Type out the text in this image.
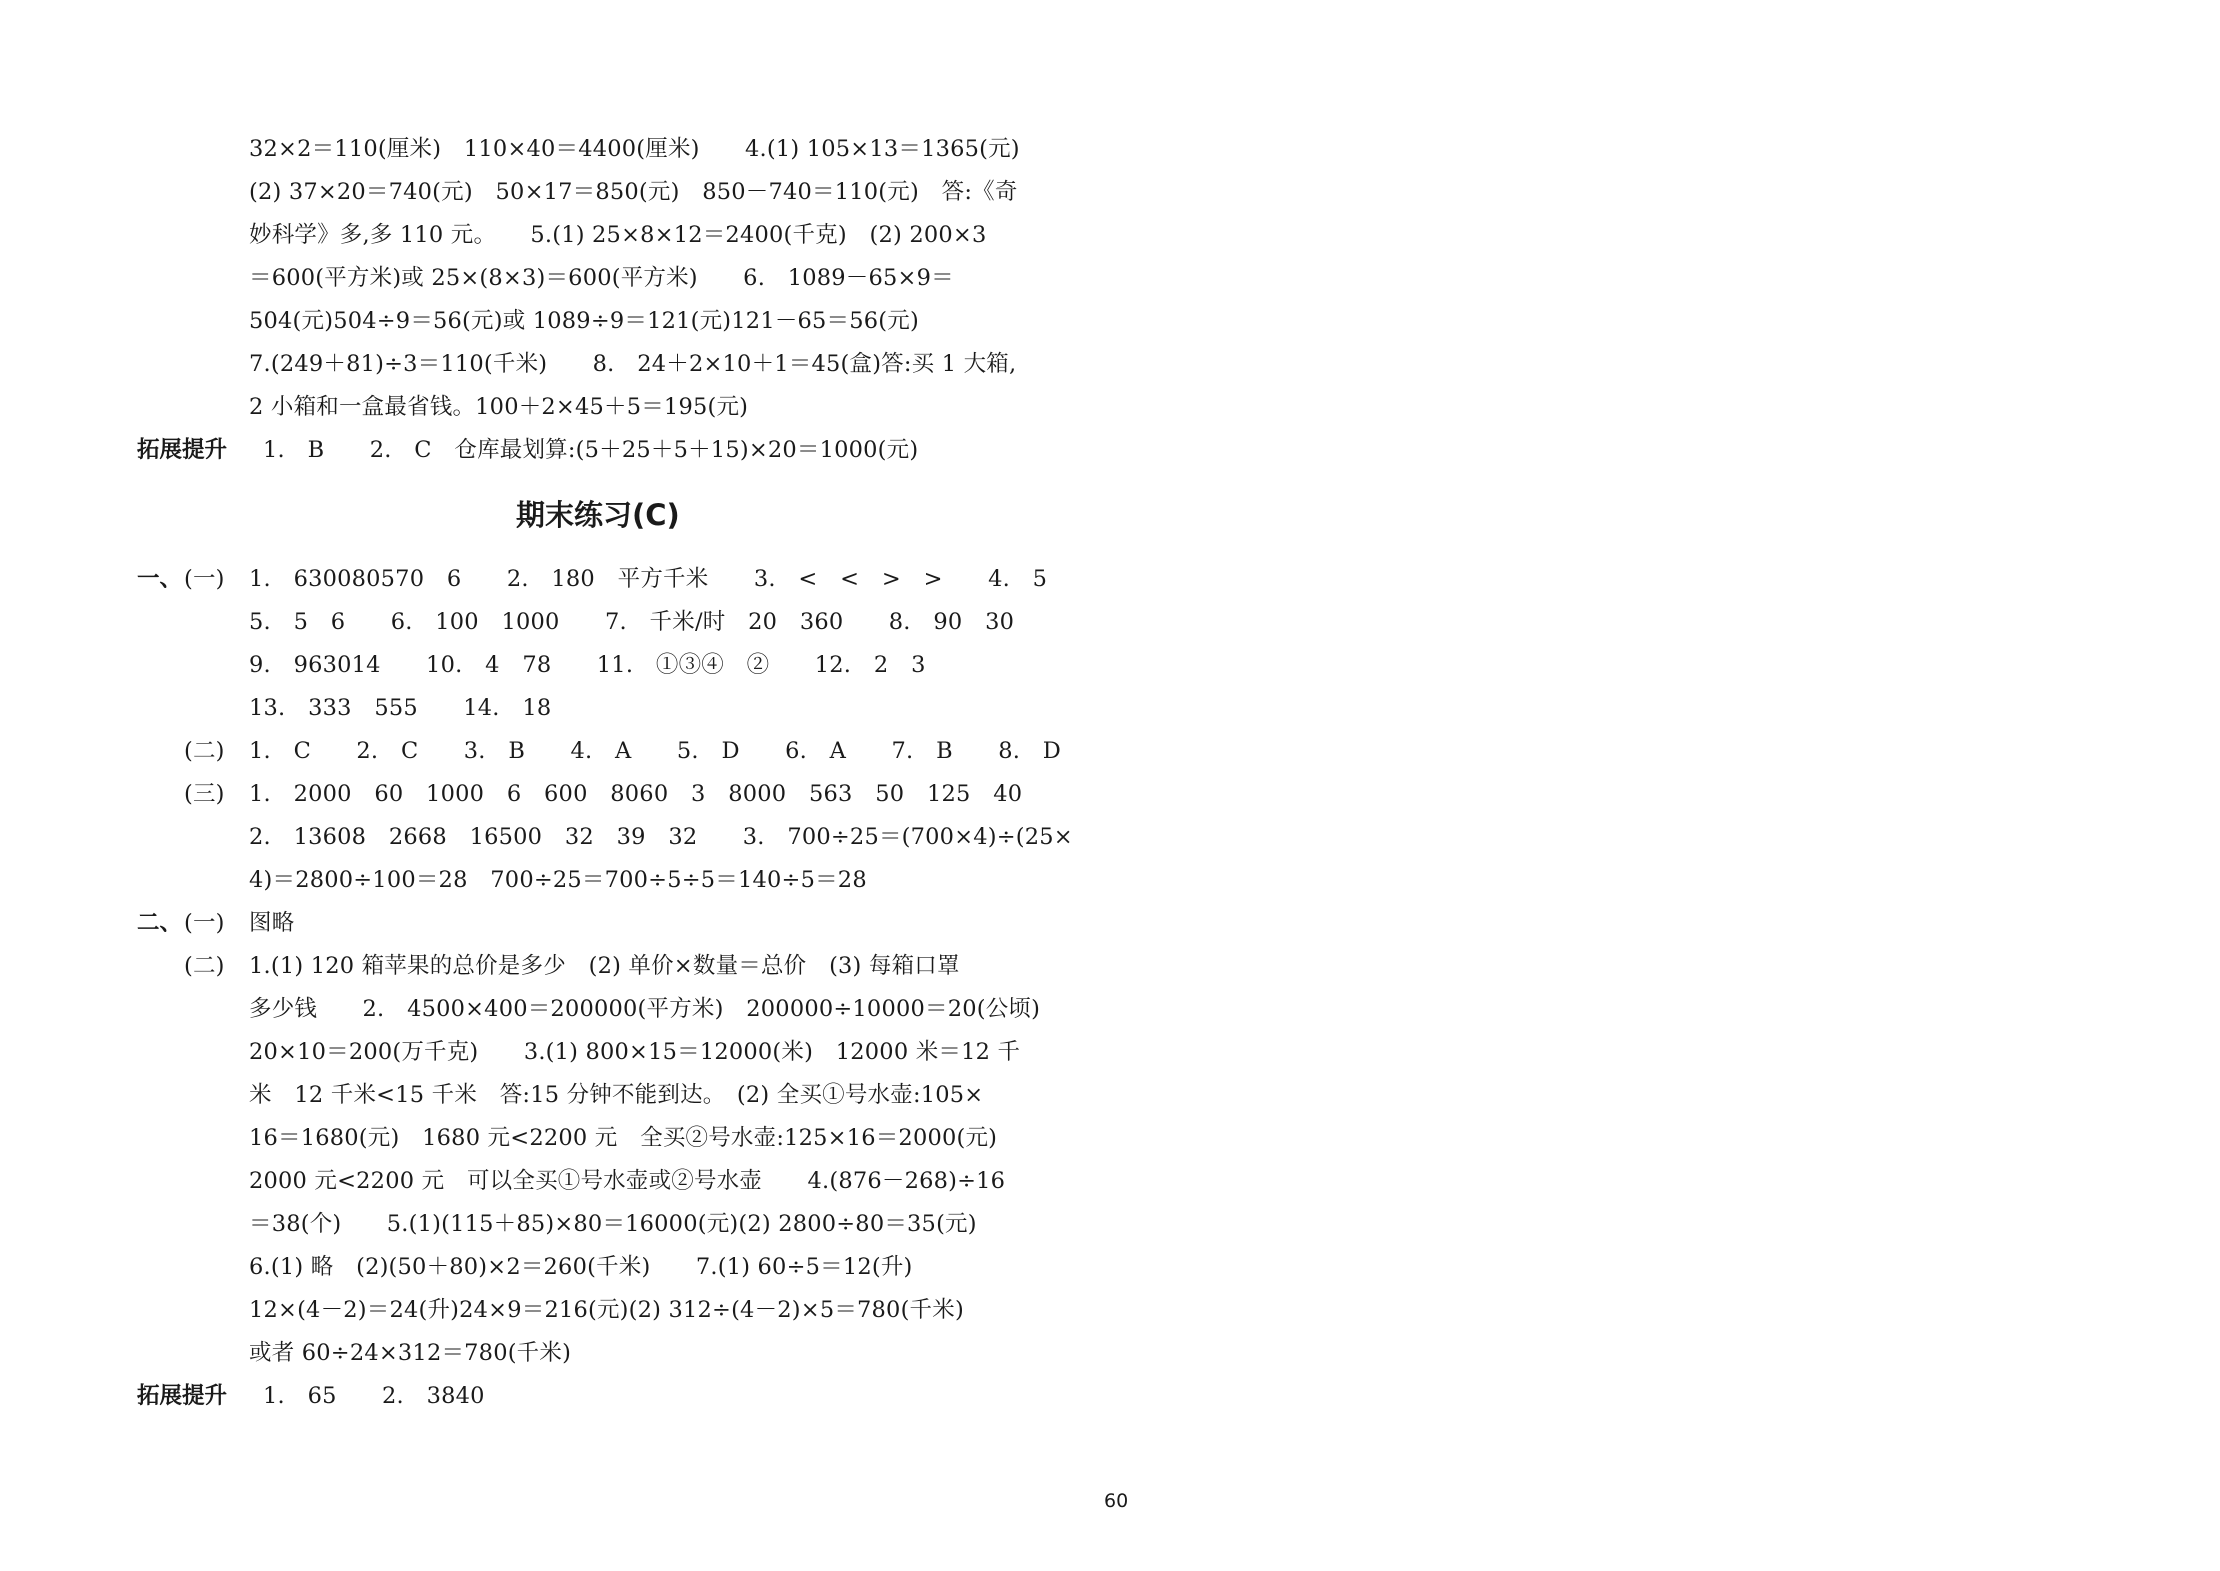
32×2＝110(厘米)　110×40＝4400(厘米)　　4.(1) 105×13＝1365(元)
(2) 37×20＝740(元)　50×17＝850(元)　850－740＝110(元)　答:《奇
妙科学》多,多 110 元。　　5.(1) 25×8×12＝2400(千克)　(2) 200×3
＝600(平方米)或 25×(8×3)＝600(平方米)　　6.　1089－65×9＝
504(元)504÷9＝56(元)或 1089÷9＝121(元)121－65＝56(元)
7.(249＋81)÷3＝110(千米)　　8.　24＋2×10＋1＝45(盒)答:买 1 大箱,
2 小箱和一盒最省钱。100＋2×45＋5＝195(元)
拓展提升 1.　B　　2.　C　仓库最划算:(5＋25＋5＋15)×20＝1000(元)
期末练习(C)
一、 (一) 1.　630080570　6　　2.　180　平方千米　　3.　<　<　>　>　　4.　5
5.　5　6　　6.　100　1000　　7.　千米/时　20　360　　8.　90　30
9.　963014　　10.　4　78　　11.　①③④　②　　12.　2　3
13.　333　555　　14.　18
(二) 1.　C　　2.　C　　3.　B　　4.　A　　5.　D　　6.　A　　7.　B　　8.　D
(三) 1.　2000　60　1000　6　600　8060　3　8000　563　50　125　40
2.　13608　2668　16500　32　39　32　　3.　700÷25＝(700×4)÷(25×
4)＝2800÷100＝28　700÷25＝700÷5÷5＝140÷5＝28
二、 (一) 图略
(二) 1.(1) 120 箱苹果的总价是多少　(2) 单价×数量＝总价　(3) 每箱口罩
多少钱　　2.　4500×400＝200000(平方米)　200000÷10000＝20(公顷)
20×10＝200(万千克)　　3.(1) 800×15＝12000(米)　12000 米＝12 千
米　12 千米<15 千米　答:15 分钟不能到达。　(2) 全买①号水壶:105×
16＝1680(元)　1680 元<2200 元　全买②号水壶:125×16＝2000(元)
2000 元<2200 元　可以全买①号水壶或②号水壶　　4.(876－268)÷16
＝38(个)　　5.(1)(115＋85)×80＝16000(元)(2) 2800÷80＝35(元)
6.(1) 略　(2)(50＋80)×2＝260(千米)　　7.(1) 60÷5＝12(升)
12×(4－2)＝24(升)24×9＝216(元)(2) 312÷(4－2)×5＝780(千米)
或者 60÷24×312＝780(千米)
拓展提升 1.　65　　2.　3840
60
